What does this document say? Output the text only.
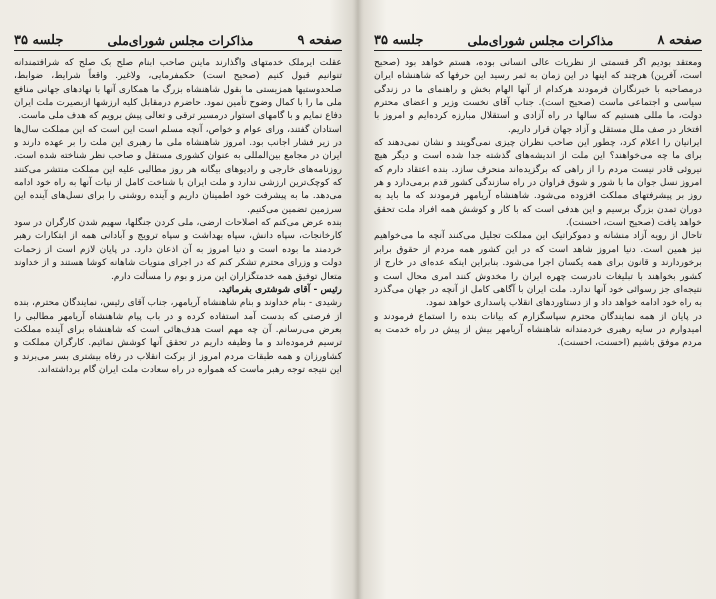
صفحه ۹
مذاکرات مجلس شورای‌ملی
جلسه ۳۵

عقلت ایرملک خدمتهای واگذارند ماینن صاحب ابنام صلح بک صلح که شرافتمندانه تنوانیم قبول کنیم (صحیح است) حکمفرمایی، ولاغیر. واقعاً شرایط، ضوابط، صلحدوستیها همزیستی ما بقول شاهنشاه بزرگ ما همکاری آنها با نهادهای جهانی منافع ملی ما را با کمال وضوح تأمین نمود. حاضرم درمقابل کلیه ارزشها ازبصیرت ملت ایران دفاع نمایم و با گامهای استوار درمسیر ترقی و تعالی پیش برویم که هدف ملی ماست.

استادان گفتند، ورای عوام و خواص، آنچه مسلم است این است که این مملکت سال‌ها در زیر فشار اجانب بود. امروز شاهنشاه ملی ما رهبری این ملت را بر عهده دارند و ایران در مجامع بین‌المللی به عنوان کشوری مستقل و صاحب نظر شناخته شده است. روزنامه‌های خارجی و رادیوهای بیگانه هر روز مطالبی علیه این مملکت منتشر می‌کنند که کوچک‌ترین ارزشی ندارد و ملت ایران با شناخت کامل از نیات آنها به راه خود ادامه می‌دهد. ما به پیشرفت خود اطمینان داریم و آینده روشنی را برای نسل‌های آینده این سرزمین تضمین می‌کنیم.

بنده عرض می‌کنم که اصلاحات ارضی، ملی کردن جنگلها، سهیم شدن کارگران در سود کارخانجات، سپاه دانش، سپاه بهداشت و سپاه ترویج و آبادانی همه از ابتکارات رهبر خردمند ما بوده است و دنیا امروز به آن اذعان دارد. در پایان لازم است از زحمات دولت و وزرای محترم تشکر کنم که در اجرای منویات شاهانه کوشا هستند و از خداوند متعال توفیق همه خدمتگزاران این مرز و بوم را مسألت دارم.

رئیس - آقای شوشتری بفرمائید.

رشیدی - بنام خداوند و بنام شاهنشاه آریامهر، جناب آقای رئیس، نمایندگان محترم، بنده از فرصتی که بدست آمد استفاده کرده و در باب پیام شاهنشاه آریامهر مطالبی را بعرض می‌رسانم. آن چه مهم است هدف‌هائی است که شاهنشاه برای آینده مملکت ترسیم فرموده‌اند و ما وظیفه داریم در تحقق آنها کوشش نمائیم. کارگران مملکت و کشاورزان و همه طبقات مردم امروز از برکت انقلاب در رفاه بیشتری بسر می‌برند و این نتیجه توجه رهبر ماست که همواره در راه سعادت ملت ایران گام برداشته‌اند.

صفحه ۸
مذاکرات مجلس شورای‌ملی
جلسه ۳۵

ومعتقد بودیم اگر قسمتی از نظریات عالی انسانی بوده، هستم خواهد بود (صحیح است، آفرین) هرچند که اینها در این زمان به ثمر رسید این حرفها که شاهنشاه ایران درمصاحبه با خبرنگاران فرمودند هرکدام از آنها الهام بخش و راهنمای ما در زندگی سیاسی و اجتماعی ماست (صحیح است). جناب آقای نخست وزیر و اعضای محترم دولت، ما مللی هستیم که سالها در راه آزادی و استقلال مبارزه کرده‌ایم و امروز با افتخار در صف ملل مستقل و آزاد جهان قرار داریم.

ایرانیان را اعلام کرد، چطور این صاحب نظران چیزی نمی‌گویند و نشان نمی‌دهند که برای ما چه می‌خواهند؟ این ملت از اندیشه‌های گذشته جدا شده است و دیگر هیچ نیروئی قادر نیست مردم را از راهی که برگزیده‌اند منحرف سازد. بنده اعتقاد دارم که امروز نسل جوان ما با شور و شوق فراوان در راه سازندگی کشور قدم برمی‌دارد و هر روز بر پیشرفتهای مملکت افزوده می‌شود. شاهنشاه آریامهر فرمودند که ما باید به دوران تمدن بزرگ برسیم و این هدفی است که با کار و کوشش همه افراد ملت تحقق خواهد یافت (صحیح است، احسنت).

تاحال از رویه آزاد منشانه و دموکراتیک این مملکت تجلیل می‌کنند آنچه ما می‌خواهیم نیز همین است. دنیا امروز شاهد است که در این کشور همه مردم از حقوق برابر برخوردارند و قانون برای همه یکسان اجرا می‌شود. بنابراین اینکه عده‌ای در خارج از کشور بخواهند با تبلیغات نادرست چهره ایران را مخدوش کنند امری محال است و نتیجه‌ای جز رسوائی خود آنها ندارد. ملت ایران با آگاهی کامل از آنچه در جهان می‌گذرد به راه خود ادامه خواهد داد و از دستاوردهای انقلاب پاسداری خواهد نمود.

در پایان از همه نمایندگان محترم سپاسگزارم که بیانات بنده را استماع فرمودند و امیدوارم در سایه رهبری خردمندانه شاهنشاه آریامهر بیش از پیش در راه خدمت به مردم موفق باشیم (احسنت، احسنت).
